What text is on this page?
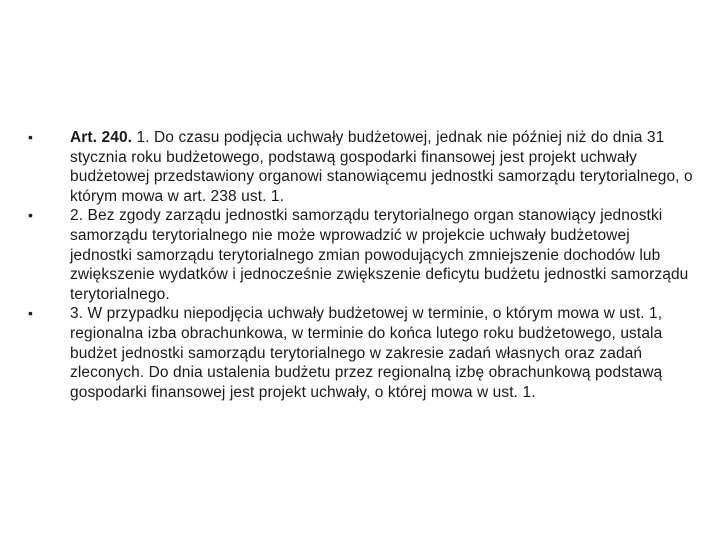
•	Art. 240. 1. Do czasu podjęcia uchwały budżetowej, jednak nie później niż do dnia 31 stycznia roku budżetowego, podstawą gospodarki finansowej jest projekt uchwały budżetowej przedstawiony organowi stanowiącemu jednostki samorządu terytorialnego, o którym mowa w art. 238 ust. 1.
•	2. Bez zgody zarządu jednostki samorządu terytorialnego organ stanowiący jednostki samorządu terytorialnego nie może wprowadzić w projekcie uchwały budżetowej jednostki samorządu terytorialnego zmian powodujących zmniejszenie dochodów lub zwiększenie wydatków i jednocześnie zwiększenie deficytu budżetu jednostki samorządu terytorialnego.
•	3. W przypadku niepodjęcia uchwały budżetowej w terminie, o którym mowa w ust. 1, regionalna izba obrachunkowa, w terminie do końca lutego roku budżetowego, ustala budżet jednostki samorządu terytorialnego w zakresie zadań własnych oraz zadań zleconych. Do dnia ustalenia budżetu przez regionalną izbę obrachunkową podstawą gospodarki finansowej jest projekt uchwały, o której mowa w ust. 1.
